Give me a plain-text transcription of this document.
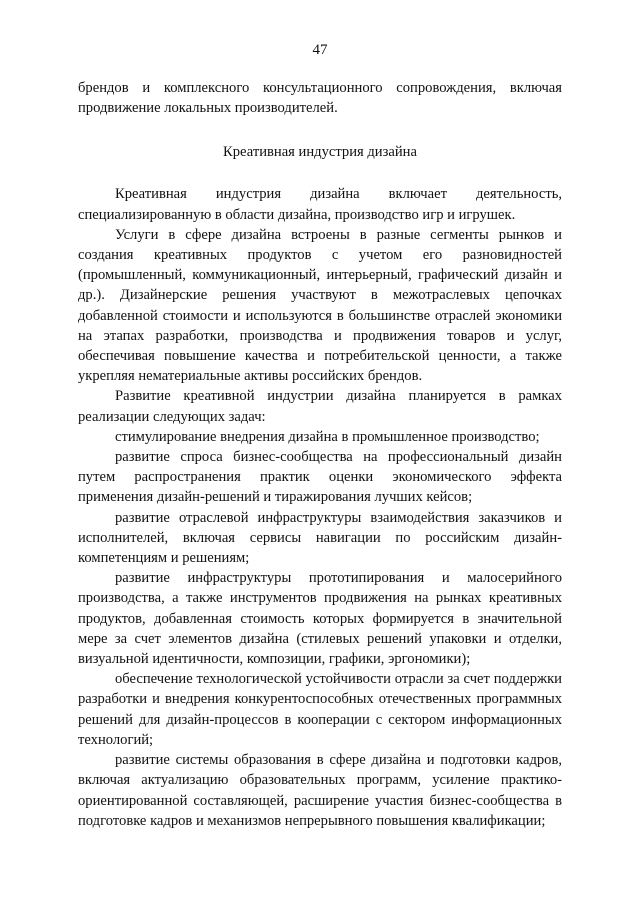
47

брендов и комплексного консультационного сопровождения, включая продвижение локальных производителей.

Креативная индустрия дизайна

Креативная индустрия дизайна включает деятельность, специализированную в области дизайна, производство игр и игрушек.

Услуги в сфере дизайна встроены в разные сегменты рынков и создания креативных продуктов с учетом его разновидностей (промышленный, коммуникационный, интерьерный, графический дизайн и др.). Дизайнерские решения участвуют в межотраслевых цепочках добавленной стоимости и используются в большинстве отраслей экономики на этапах разработки, производства и продвижения товаров и услуг, обеспечивая повышение качества и потребительской ценности, а также укрепляя нематериальные активы российских брендов.

Развитие креативной индустрии дизайна планируется в рамках реализации следующих задач:

стимулирование внедрения дизайна в промышленное производство;

развитие спроса бизнес-сообщества на профессиональный дизайн путем распространения практик оценки экономического эффекта применения дизайн-решений и тиражирования лучших кейсов;

развитие отраслевой инфраструктуры взаимодействия заказчиков и исполнителей, включая сервисы навигации по российским дизайн-компетенциям и решениям;

развитие инфраструктуры прототипирования и малосерийного производства, а также инструментов продвижения на рынках креативных продуктов, добавленная стоимость которых формируется в значительной мере за счет элементов дизайна (стилевых решений упаковки и отделки, визуальной идентичности, композиции, графики, эргономики);

обеспечение технологической устойчивости отрасли за счет поддержки разработки и внедрения конкурентоспособных отечественных программных решений для дизайн-процессов в кооперации с сектором информационных технологий;

развитие системы образования в сфере дизайна и подготовки кадров, включая актуализацию образовательных программ, усиление практико-ориентированной составляющей, расширение участия бизнес-сообщества в подготовке кадров и механизмов непрерывного повышения квалификации;
